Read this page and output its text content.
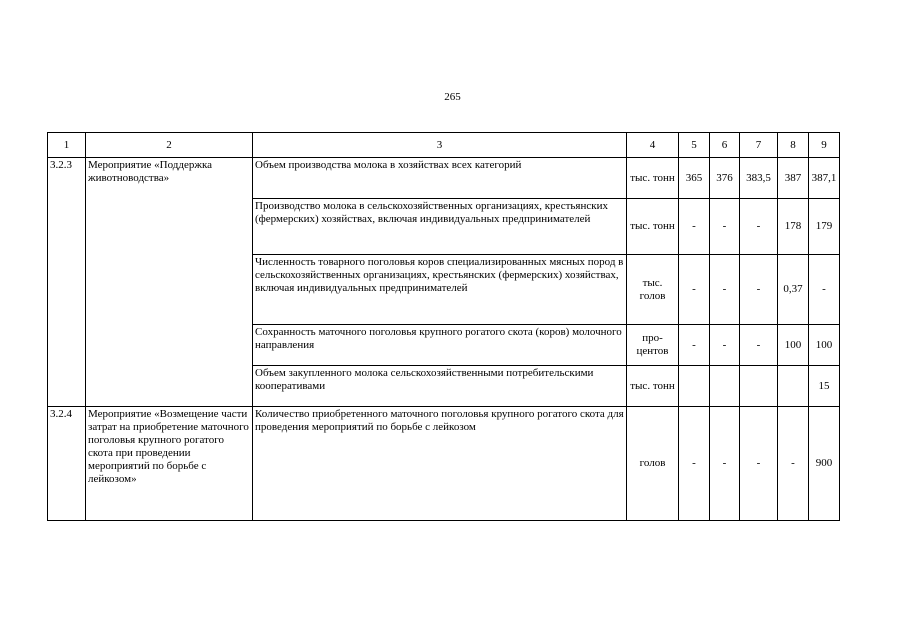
265
1	2	3	4	5	6	7	8	9
3.2.3	Мероприятие «Поддержка животноводства»	Объем производства молока в хозяйствах всех категорий	тыс. тонн	365	376	383,5	387	387,1
		Производство молока в сельскохозяйственных организациях, крестьянских (фермерских) хозяйствах, включая индивидуальных предпринимателей	тыс. тонн	-	-	-	178	179
		Численность товарного поголовья коров специализированных мясных пород в сельскохозяйственных организациях, крестьянских (фермерских) хозяйствах, включая индивидуальных предпринимателей	тыс. голов	-	-	-	0,37	-
		Сохранность маточного поголовья крупного рогатого скота (коров) молочного направления	про-центов	-	-	-	100	100
		Объем закупленного молока сельскохозяйственными потребительскими кооперативами	тыс. тонн					15
3.2.4	Мероприятие «Возмещение части затрат на приобретение маточного поголовья крупного рогатого скота при проведении мероприятий по борьбе с лейкозом»	Количество приобретенного маточного поголовья крупного рогатого скота для проведения мероприятий по борьбе с лейкозом	голов	-	-	-	-	900
